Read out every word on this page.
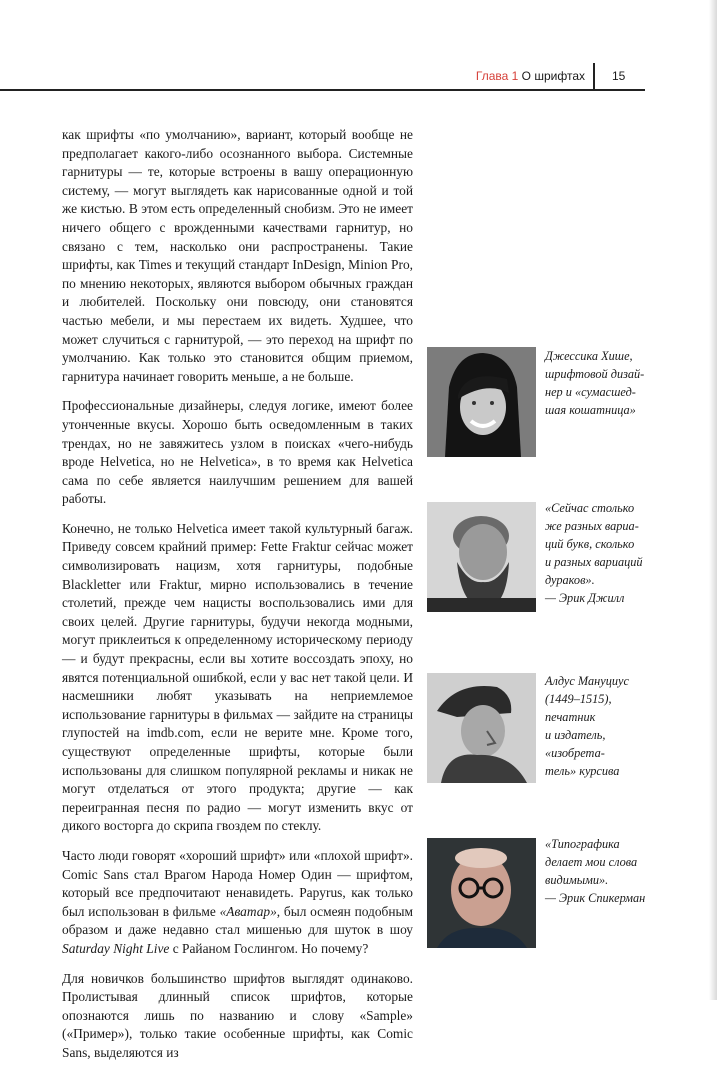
Глава 1 О шрифтах 15

как шрифты «по умолчанию», вариант, который вообще не предполагает какого-либо осознанного выбора. Системные гарнитуры — те, которые встроены в вашу операционную систему, — могут выглядеть как нарисованные одной и той же кистью. В этом есть определенный снобизм. Это не имеет ничего общего с врожденными качествами гарнитур, но связано с тем, насколько они распространены. Такие шрифты, как Times и текущий стандарт InDesign, Minion Pro, по мнению некоторых, являются выбором обычных граждан и любителей. Поскольку они повсюду, они становятся частью мебели, и мы перестаем их видеть. Худшее, что может случиться с гарнитурой, — это переход на шрифт по умолчанию. Как только это становится общим приемом, гарнитура начинает говорить меньше, а не больше.

Профессиональные дизайнеры, следуя логике, имеют более утонченные вкусы. Хорошо быть осведомленным в таких трендах, но не завяжитесь узлом в поисках «чего-нибудь вроде Helvetica, но не Helvetica», в то время как Helvetica сама по себе является наилучшим решением для вашей работы.

Конечно, не только Helvetica имеет такой культурный багаж. Приведу совсем крайний пример: Fette Fraktur сейчас может символизировать нацизм, хотя гарнитуры, подобные Blackletter или Fraktur, мирно использовались в течение столетий, прежде чем нацисты воспользовались ими для своих целей. Другие гарнитуры, будучи некогда модными, могут приклеиться к определенному историческому периоду — и будут прекрасны, если вы хотите воссоздать эпоху, но явятся потенциальной ошибкой, если у вас нет такой цели. И насмешники любят указывать на неприемлемое использование гарнитуры в фильмах — зайдите на страницы глупостей на imdb.com, если не верите мне. Кроме того, существуют определенные шрифты, которые были использованы для слишком популярной рекламы и никак не могут отделаться от этого продукта; другие — как переигранная песня по радио — могут изменить вкус от дикого восторга до скрипа гвоздем по стеклу.

Часто люди говорят «хороший шрифт» или «плохой шрифт». Comic Sans стал Врагом Народа Номер Один — шрифтом, который все предпочитают ненавидеть. Papyrus, как только был использован в фильме «Аватар», был осмеян подобным образом и даже недавно стал мишенью для шуток в шоу Saturday Night Live с Райаном Гослингом. Но почему?

Для новичков большинство шрифтов выглядят одинаково. Пролистывая длинный список шрифтов, которые опознаются лишь по названию и слову «Sample» («Пример»), только такие особенные шрифты, как Comic Sans, выделяются из

Джессика Хише,
шрифтовой дизай-
нер и «сумасшед-
шая кошатница»
«Сейчас столько
же разных вариа-
ций букв, сколько
и разных вариаций
дураков».
— Эрик Джилл
Алдус Мануциус
(1449–1515),
печатник
и издатель,
«изобрета-
тель» курсива
«Типографика
делает мои слова
видимыми».
— Эрик Спикерман
